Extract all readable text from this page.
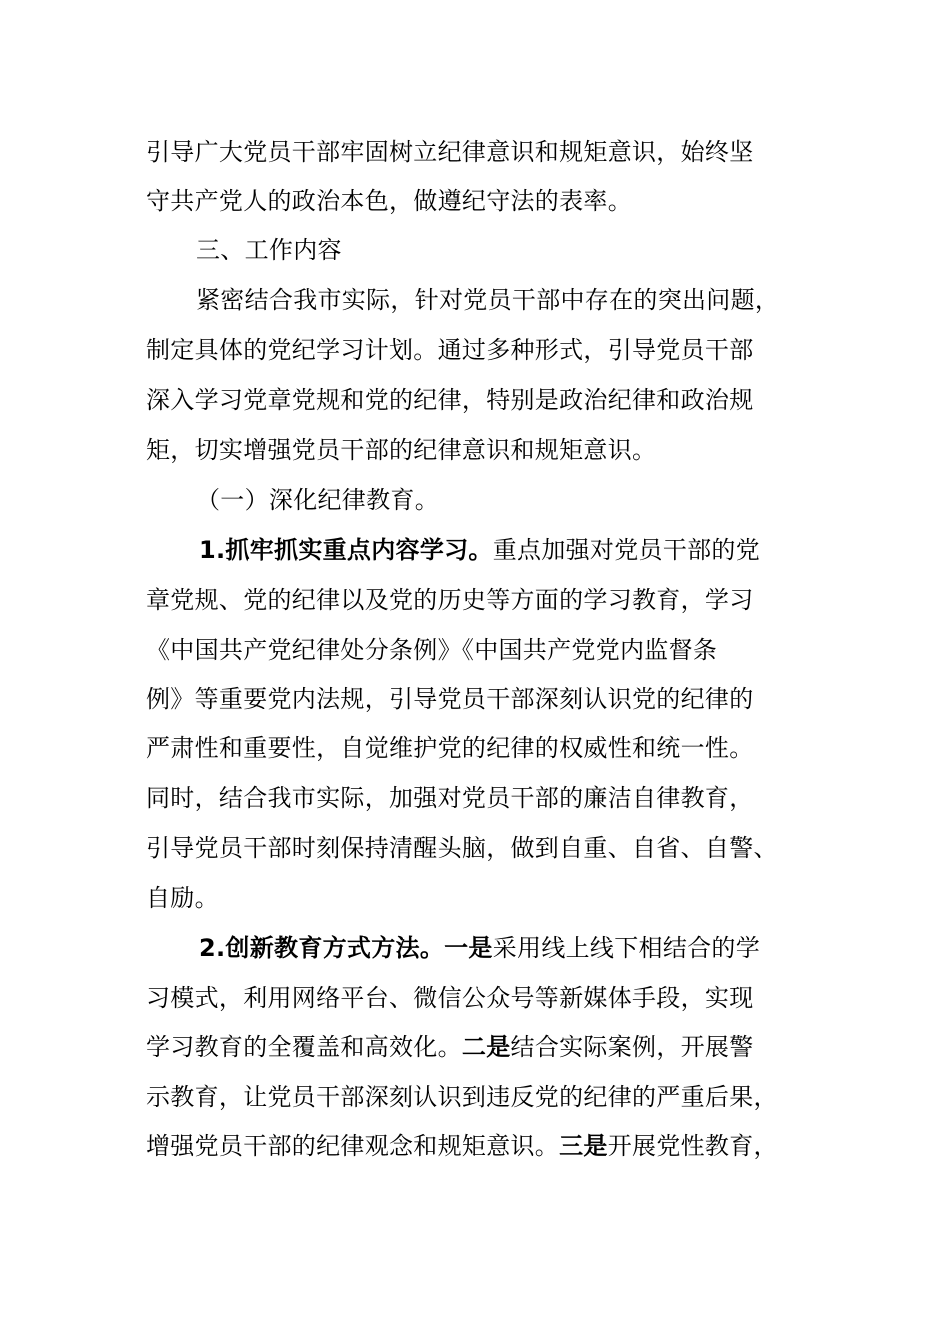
引导广大党员干部牢固树立纪律意识和规矩意识，始终坚
守共产党人的政治本色，做遵纪守法的表率。
三、工作内容
紧密结合我市实际，针对党员干部中存在的突出问题，
制定具体的党纪学习计划。通过多种形式，引导党员干部
深入学习党章党规和党的纪律，特别是政治纪律和政治规
矩，切实增强党员干部的纪律意识和规矩意识。
（一）深化纪律教育。
1.抓牢抓实重点内容学习。重点加强对党员干部的党
章党规、党的纪律以及党的历史等方面的学习教育，学习
《中国共产党纪律处分条例》《中国共产党党内监督条
例》等重要党内法规，引导党员干部深刻认识党的纪律的
严肃性和重要性，自觉维护党的纪律的权威性和统一性。
同时，结合我市实际，加强对党员干部的廉洁自律教育，
引导党员干部时刻保持清醒头脑，做到自重、自省、自警、
自励。
2.创新教育方式方法。一是采用线上线下相结合的学
习模式，利用网络平台、微信公众号等新媒体手段，实现
学习教育的全覆盖和高效化。二是结合实际案例，开展警
示教育，让党员干部深刻认识到违反党的纪律的严重后果，
增强党员干部的纪律观念和规矩意识。三是开展党性教育，
